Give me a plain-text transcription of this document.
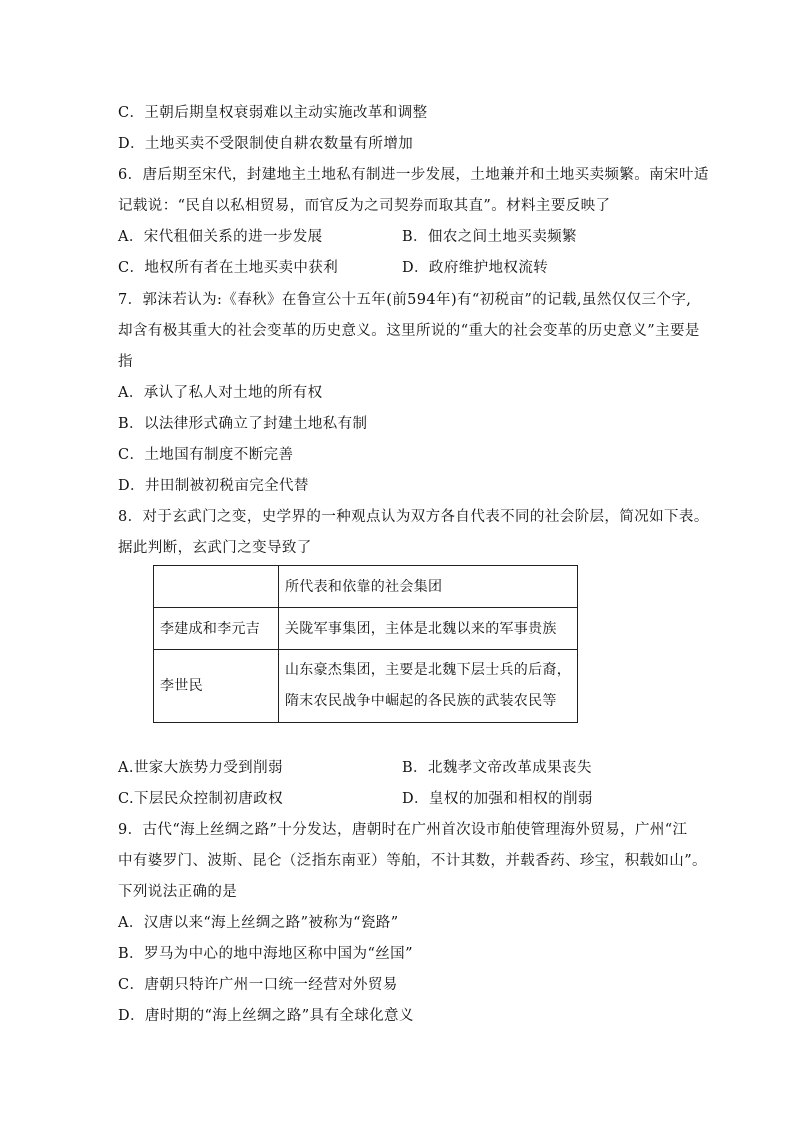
C．王朝后期皇权衰弱难以主动实施改革和调整
D．土地买卖不受限制使自耕农数量有所增加
6．唐后期至宋代，封建地主土地私有制进一步发展，土地兼并和土地买卖频繁。南宋叶适
记载说：“民自以私相贸易，而官反为之司契券而取其直”。材料主要反映了
A．宋代租佃关系的进一步发展	B．佃农之间土地买卖频繁
C．地权所有者在土地买卖中获利	D．政府维护地权流转
7．郭沫若认为:《春秋》在鲁宣公十五年(前594年)有“初税亩”的记载,虽然仅仅三个字,
却含有极其重大的社会变革的历史意义。这里所说的“重大的社会变革的历史意义”主要是
指
A．承认了私人对土地的所有权
B．以法律形式确立了封建土地私有制
C．土地国有制度不断完善
D．井田制被初税亩完全代替
8．对于玄武门之变，史学界的一种观点认为双方各自代表不同的社会阶层，简况如下表。
据此判断，玄武门之变导致了
	所代表和依靠的社会集团
李建成和李元吉	关陇军事集团，主体是北魏以来的军事贵族
李世民	山东豪杰集团，主要是北魏下层士兵的后裔，
隋末农民战争中崛起的各民族的武装农民等
A.世家大族势力受到削弱	B．北魏孝文帝改革成果丧失
C.下层民众控制初唐政权	D．皇权的加强和相权的削弱
9．古代“海上丝绸之路”十分发达，唐朝时在广州首次设市舶使管理海外贸易，广州“江
中有婆罗门、波斯、昆仑（泛指东南亚）等舶，不计其数，并载香药、珍宝，积载如山”。
下列说法正确的是
A．汉唐以来“海上丝绸之路”被称为“瓷路”
B．罗马为中心的地中海地区称中国为“丝国”
C．唐朝只特许广州一口统一经营对外贸易
D．唐时期的“海上丝绸之路”具有全球化意义
